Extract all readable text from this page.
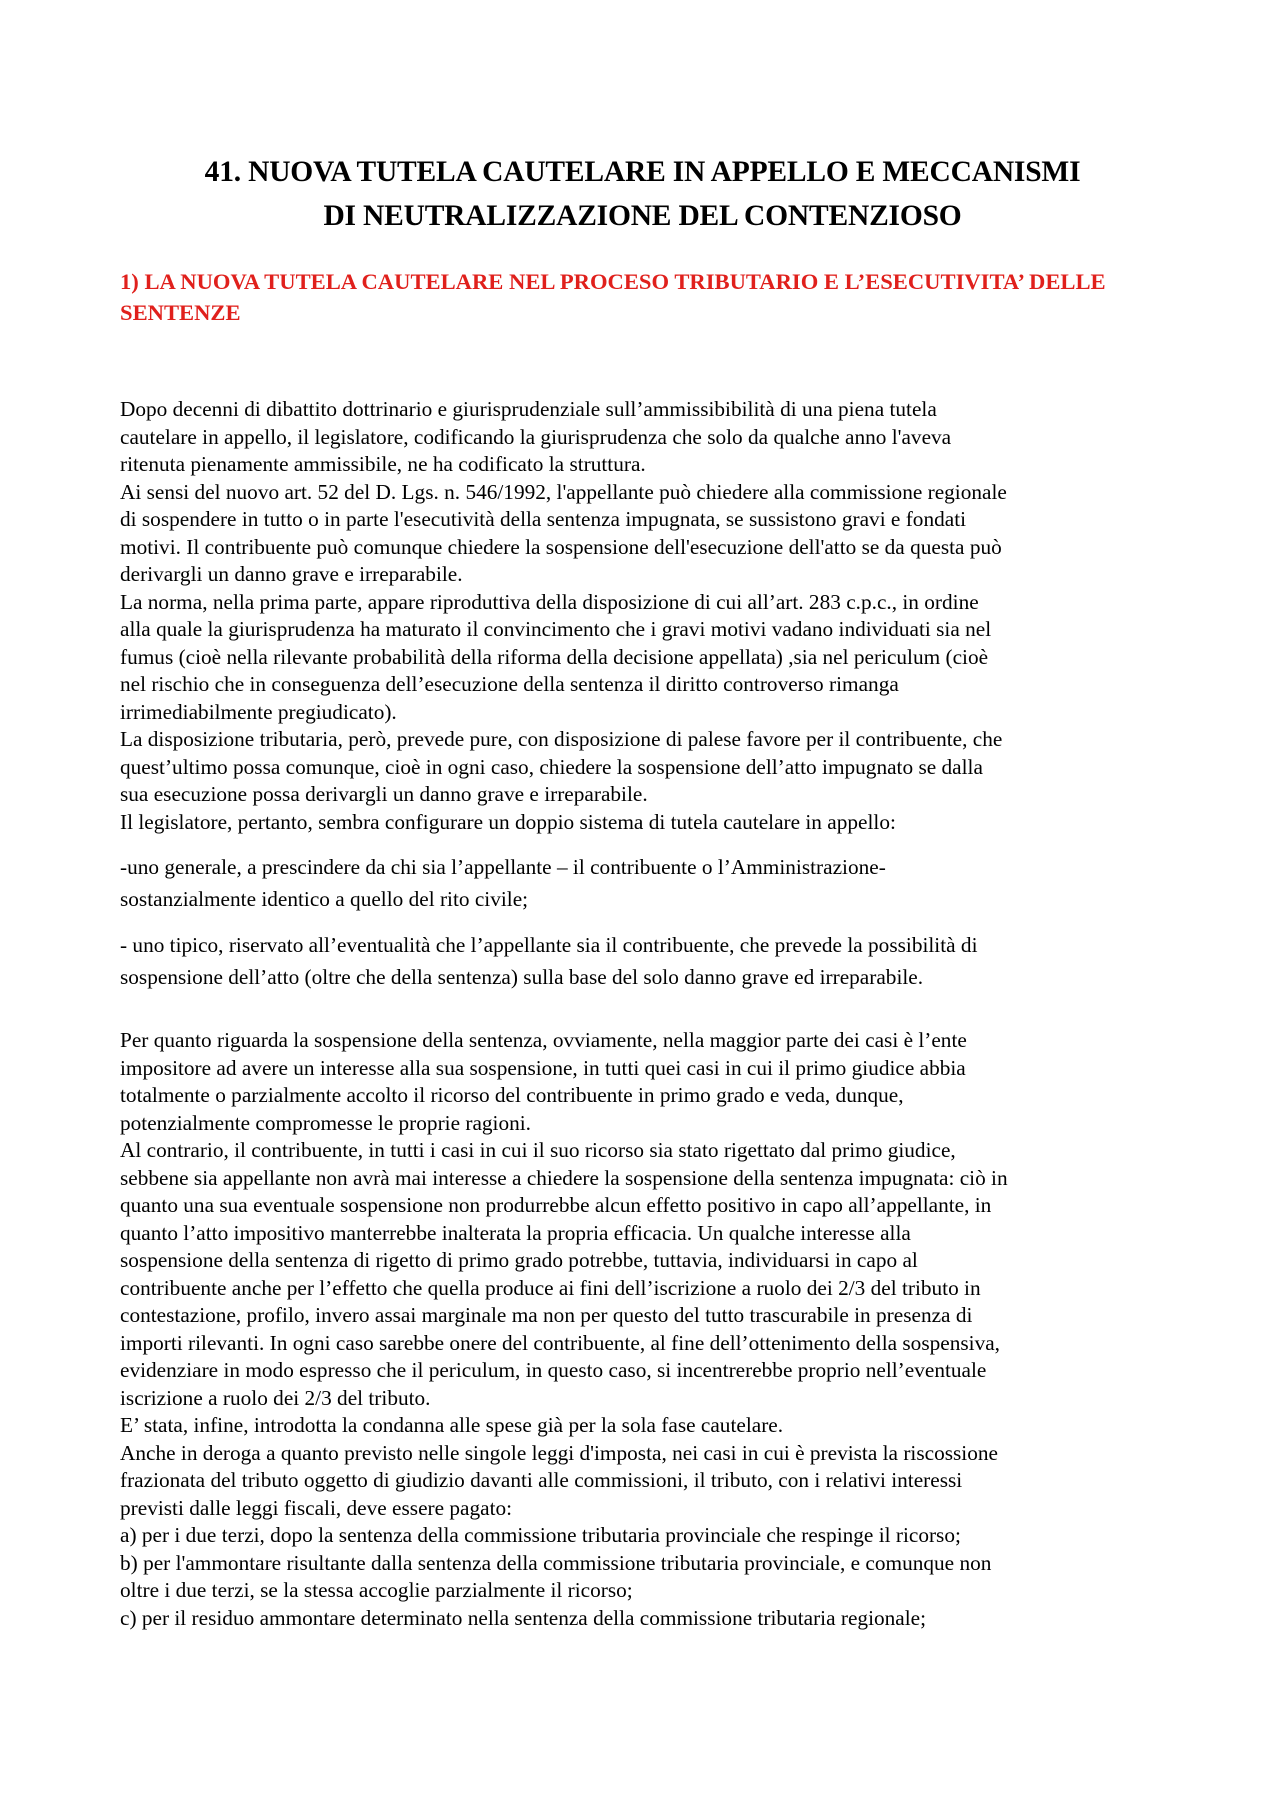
41. NUOVA TUTELA CAUTELARE IN APPELLO E MECCANISMI
DI NEUTRALIZZAZIONE DEL CONTENZIOSO
1) LA NUOVA TUTELA CAUTELARE NEL PROCESO TRIBUTARIO E L’ESECUTIVITA’ DELLE
SENTENZE

Dopo decenni di dibattito dottrinario e giurisprudenziale sull’ammissibibilità di una piena tutela
cautelare in appello, il legislatore, codificando la giurisprudenza che solo da qualche anno l'aveva
ritenuta pienamente ammissibile, ne ha codificato la struttura.
Ai sensi del nuovo art. 52 del D. Lgs. n. 546/1992, l'appellante può chiedere alla commissione regionale
di sospendere in tutto o in parte l'esecutività della sentenza impugnata, se sussistono gravi e fondati
motivi. Il contribuente può comunque chiedere la sospensione dell'esecuzione dell'atto se da questa può
derivargli un danno grave e irreparabile.
La norma, nella prima parte, appare riproduttiva della disposizione di cui all’art. 283 c.p.c., in ordine
alla quale la giurisprudenza ha maturato il convincimento che i gravi motivi vadano individuati sia nel
fumus (cioè nella rilevante probabilità della riforma della decisione appellata) ,sia nel periculum (cioè
nel rischio che in conseguenza dell’esecuzione della sentenza il diritto controverso rimanga
irrimediabilmente pregiudicato).
La disposizione tributaria, però, prevede pure, con disposizione di palese favore per il contribuente, che
quest’ultimo possa comunque, cioè in ogni caso, chiedere la sospensione dell’atto impugnato se dalla
sua esecuzione possa derivargli un danno grave e irreparabile.
Il legislatore, pertanto, sembra configurare un doppio sistema di tutela cautelare in appello:

-uno generale, a prescindere da chi sia l’appellante – il contribuente o l’Amministrazione-
sostanzialmente identico a quello del rito civile;

- uno tipico, riservato all’eventualità che l’appellante sia il contribuente, che prevede la possibilità di
sospensione dell’atto (oltre che della sentenza) sulla base del solo danno grave ed irreparabile.

Per quanto riguarda la sospensione della sentenza, ovviamente, nella maggior parte dei casi è l’ente
impositore ad avere un interesse alla sua sospensione, in tutti quei casi in cui il primo giudice abbia
totalmente o parzialmente accolto il ricorso del contribuente in primo grado e veda, dunque,
potenzialmente compromesse le proprie ragioni.
Al contrario, il contribuente, in tutti i casi in cui il suo ricorso sia stato rigettato dal primo giudice,
sebbene sia appellante non avrà mai interesse a chiedere la sospensione della sentenza impugnata: ciò in
quanto una sua eventuale sospensione non produrrebbe alcun effetto positivo in capo all’appellante, in
quanto l’atto impositivo manterrebbe inalterata la propria efficacia. Un qualche interesse alla
sospensione della sentenza di rigetto di primo grado potrebbe, tuttavia, individuarsi in capo al
contribuente anche per l’effetto che quella produce ai fini dell’iscrizione a ruolo dei 2/3 del tributo in
contestazione, profilo, invero assai marginale ma non per questo del tutto trascurabile in presenza di
importi rilevanti. In ogni caso sarebbe onere del contribuente, al fine dell’ottenimento della sospensiva,
evidenziare in modo espresso che il periculum, in questo caso, si incentrerebbe proprio nell’eventuale
iscrizione a ruolo dei 2/3 del tributo.
E’ stata, infine, introdotta la condanna alle spese già per la sola fase cautelare.
Anche in deroga a quanto previsto nelle singole leggi d'imposta, nei casi in cui è prevista la riscossione
frazionata del tributo oggetto di giudizio davanti alle commissioni, il tributo, con i relativi interessi
previsti dalle leggi fiscali, deve essere pagato:
a) per i due terzi, dopo la sentenza della commissione tributaria provinciale che respinge il ricorso;
b) per l'ammontare risultante dalla sentenza della commissione tributaria provinciale, e comunque non
oltre i due terzi, se la stessa accoglie parzialmente il ricorso;
c) per il residuo ammontare determinato nella sentenza della commissione tributaria regionale;
